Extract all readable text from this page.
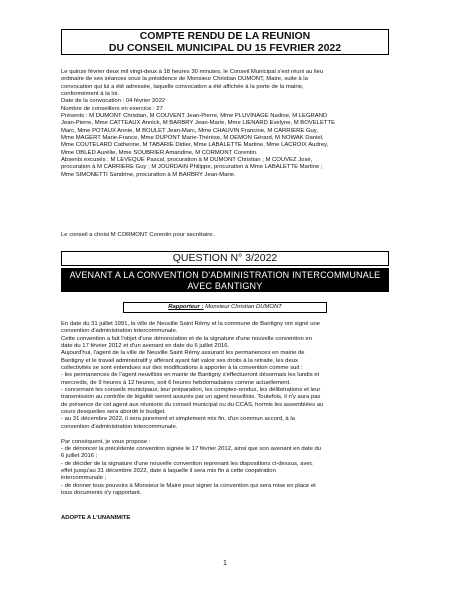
COMPTE RENDU DE LA REUNION
DU CONSEIL MUNICIPAL DU 15 FEVRIER 2022

Le quinze février deux mil vingt-deux à 18 heures 30 minutes, le Conseil Municipal s'est réuni au lieu

ordinaire de ses séances sous la présidence de Monsieur Christian DUMONT, Maire, suite à la

convocation qui lui a été adressée, laquelle convocation a été affichée à la porte de la mairie,

conformément à la loi.

Date de la convocation : 04 février 2022

Nombre de conseillers en exercice : 27

Présents : M DUMONT Christian, M COUVENT Jean-Pierre, Mme PLUVINAGE Nadine, M LEGRAND

Jean-Pierre, Mme CATTEAUX Annick, M BARBRY Jean-Marie, Mme LIENARD Evelyne, M BOVELETTE

Marc, Mme POTAUX Annie, M BOULET Jean-Marc, Mme CHAUVIN Francine, M CARRIERE Guy,

Mme MAGERT Marie-France, Mme DUPONT Marie-Thérèse, M DEMON Gérard, M NOWAK Daniel,

Mme COUTELARD Catherine, M TABARIE Didier, Mme LABALETTE Martine, Mme LACROIX Audrey,

Mme OBLED Aurélie, Mme SOUBRIER Amandine, M CORMONT Corentin.

Absents excusés : M LEVEQUE Pascal, procuration à M DUMONT Christian ; M COUVEZ José,

procuration à M CARRIERE Guy ; M JOURDAIN Philippe, procuration à Mme LABALETTE Martine ;

Mme SIMONETTI Sandrine, procuration à M BARBRY Jean-Marie.

Le conseil a choisi M CORMONT Corentin pour secrétaire.

QUESTION N° 3/2022
AVENANT A LA CONVENTION D'ADMINISTRATION INTERCOMMUNALE
AVEC BANTIGNY
Rapporteur : Monsieur Christian DUMONT

En date du 31 juillet 1991, la ville de Neuville Saint Rémy et la commune de Bantigny ont signé une

convention d'administration intercommunale.

Cette convention a fait l'objet d'une dénonciation et de la signature d'une nouvelle convention en

date du 17 février 2012 et d'un avenant en date du 6 juillet 2016.

Aujourd'hui, l'agent de la ville de Neuville Saint Rémy assurant les permanences en mairie de

Bantigny et le travail administratif y afférant ayant fait valoir ses droits à la retraite, les deux

collectivités se sont entendues sur des modifications à apporter à la convention comme suit :

- les permanences de l'agent neuvillois en mairie de Bantigny s'effectueront désormais les lundis et

mercredis, de 9 heures à 12 heures, soit 6 heures hebdomadaires comme actuellement.

- concernant les conseils municipaux, leur préparation, les comptes-rendus, les délibérations et leur

transmission au contrôle de légalité seront assurés par un agent neuvillois. Toutefois, il n'y aura pas

de présence de cet agent aux réunions du conseil municipal ou du CCAS, hormis les assemblées au

cours desquelles sera abordé le budget.

- au 31 décembre 2022, il sera purement et simplement mis fin, d'un commun accord, à la

convention d'administration intercommunale.

Par conséquent, je vous propose :

- de dénoncer la précédente convention signée le 17 février 2012, ainsi que son avenant en date du

6 juillet 2016 ;

- de décider de la signature d'une nouvelle convention reprenant les dispositions ci-dessus, avec

effet jusqu'au 31 décembre 2022, date à laquelle il sera mis fin à cette coopération

intercommunale ;

- de donner tous pouvoirs à Monsieur le Maire pour signer la convention qui sera mise en place et

tous documents s'y rapportant.

ADOPTE A L'UNANIMITE

1
